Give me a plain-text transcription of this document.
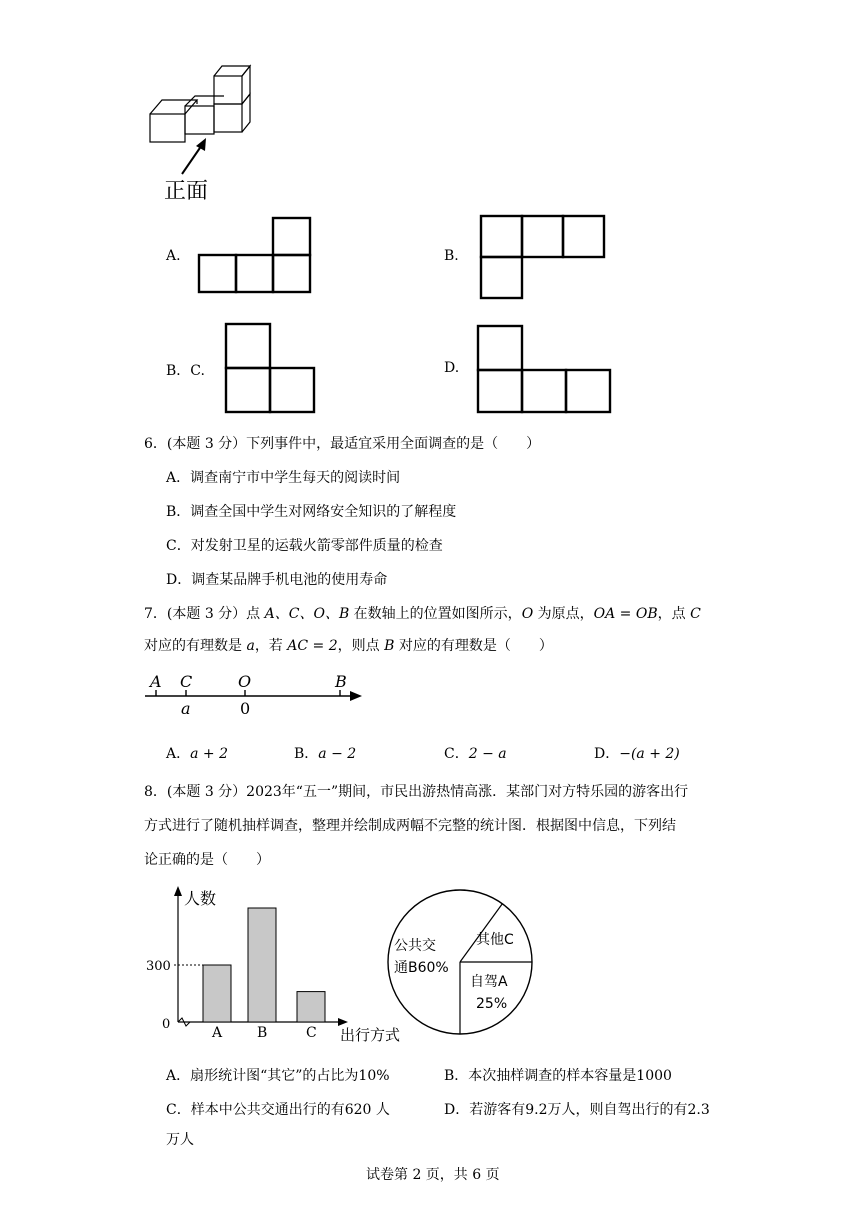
正面
A.	B.
B．C.	D.
6．(本题 3 分）下列事件中，最适宜采用全面调查的是（　　）
A．调查南宁市中学生每天的阅读时间
B．调查全国中学生对网络安全知识的了解程度
C．对发射卫星的运载火箭零部件质量的检查
D．调查某品牌手机电池的使用寿命
7．(本题 3 分）点 A、C、O、B 在数轴上的位置如图所示，O 为原点，OA = OB，点 C
对应的有理数是 a，若 AC = 2，则点 B 对应的有理数是（　　）
A C	O	B
a	0
A．a + 2	B．a − 2	C．2 − a	D．−(a + 2)
8．(本题 3 分）2023年“五一”期间，市民出游热情高涨．某部门对方特乐园的游客出行
方式进行了随机抽样调查，整理并绘制成两幅不完整的统计图．根据图中信息，下列结
论正确的是（　　）
人数
出行方式
0
A B	C
300
公共交
通B60%
其他C
自驾A
25%
A．扇形统计图“其它”的占比为10%	B．本次抽样调查的样本容量是1000
C．样本中公共交通出行的有620 人	D．若游客有9.2万人，则自驾出行的有2.3
万人
试卷第 2 页，共 6 页
